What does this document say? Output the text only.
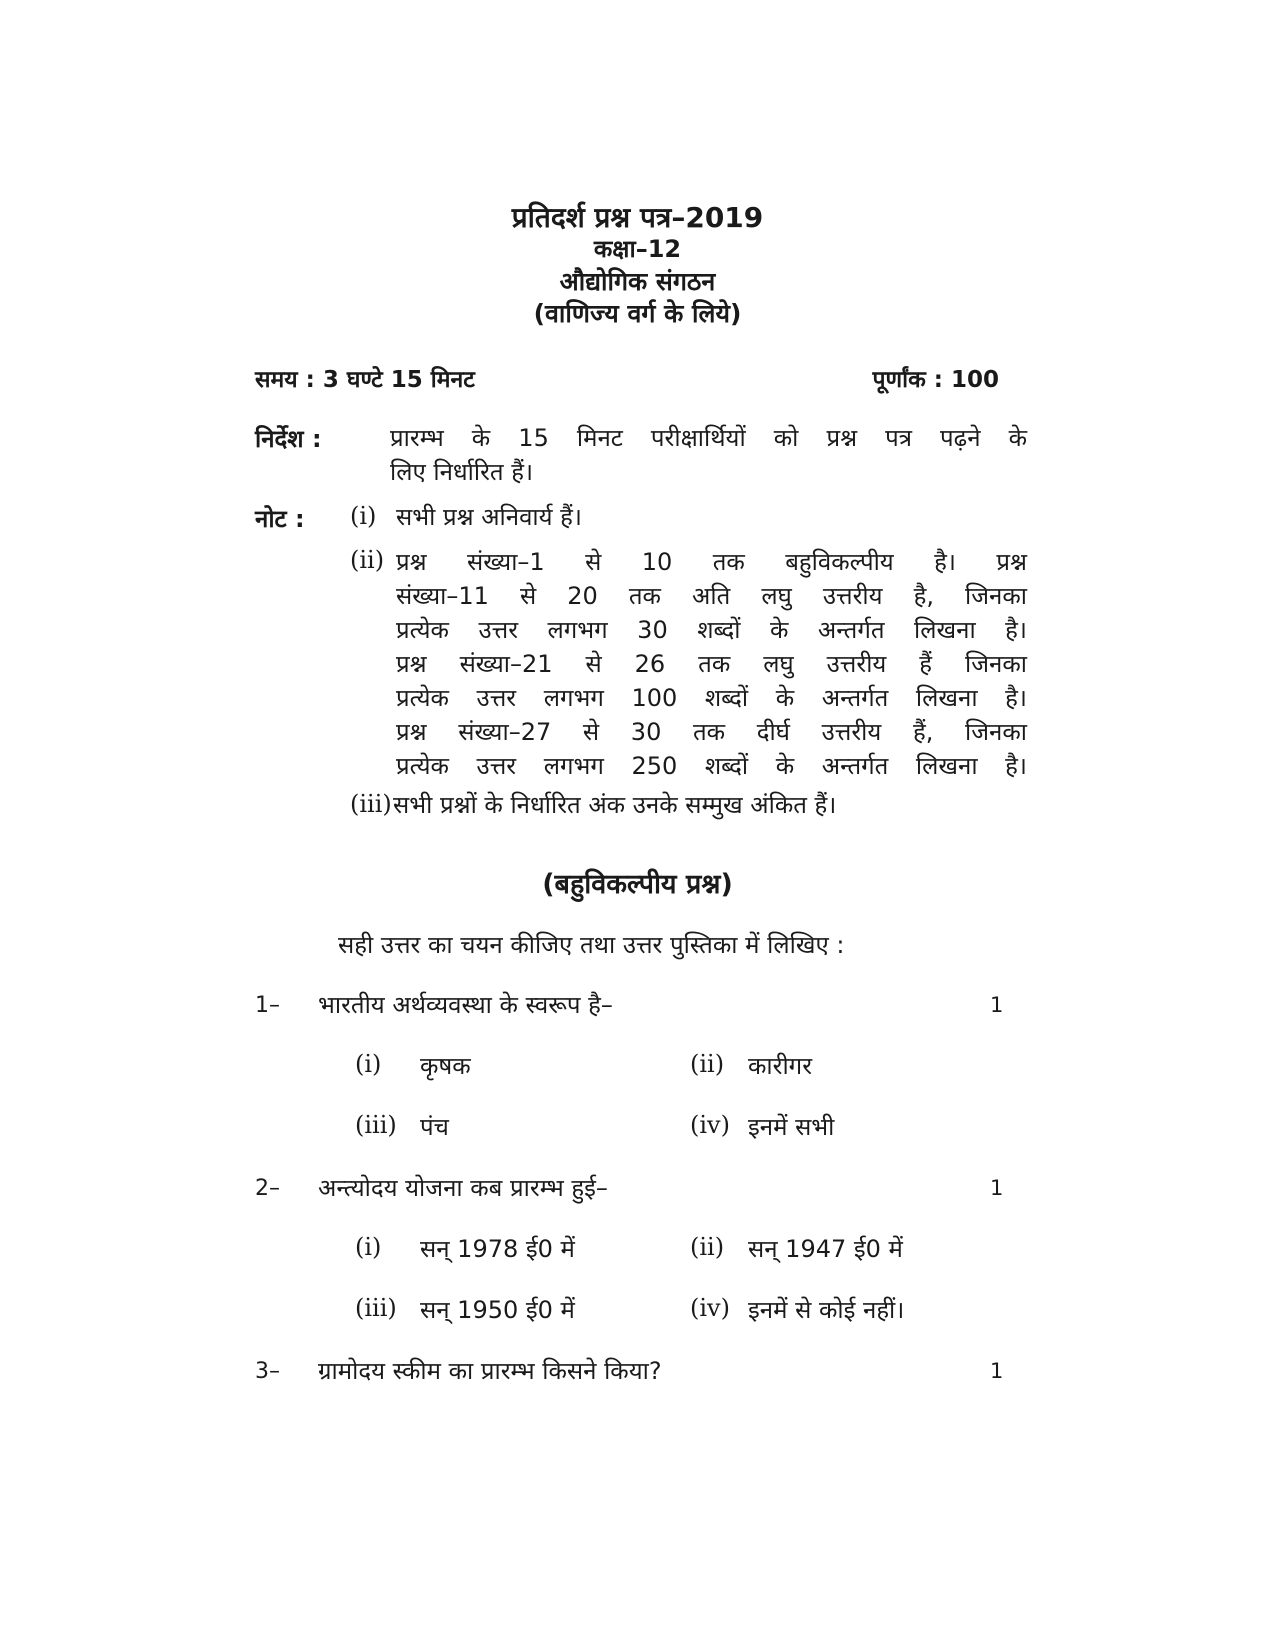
प्रतिदर्श प्रश्न पत्र–2019
कक्षा–12
औद्योगिक संगठन
(वाणिज्य वर्ग के लिये)
समय : 3 घण्टे 15 मिनट	पूर्णांक : 100
निर्देश :	प्रारम्भ के 15 मिनट परीक्षार्थियों को प्रश्न पत्र पढ़ने के
लिए निर्धारित हैं।
नोट : (i) सभी प्रश्न अनिवार्य हैं।
(ii) प्रश्न संख्या–1 से 10 तक बहुविकल्पीय है। प्रश्न
संख्या–11 से 20 तक अति लघु उत्तरीय है, जिनका
प्रत्येक उत्तर लगभग 30 शब्दों के अन्तर्गत लिखना है।
प्रश्न संख्या–21 से 26 तक लघु उत्तरीय हैं जिनका
प्रत्येक उत्तर लगभग 100 शब्दों के अन्तर्गत लिखना है।
प्रश्न संख्या–27 से 30 तक दीर्घ उत्तरीय हैं, जिनका
प्रत्येक उत्तर लगभग 250 शब्दों के अन्तर्गत लिखना है।
(iii) सभी प्रश्नों के निर्धारित अंक उनके सम्मुख अंकित हैं।
(बहुविकल्पीय प्रश्न)
सही उत्तर का चयन कीजिए तथा उत्तर पुस्तिका में लिखिए :
1– भारतीय अर्थव्यवस्था के स्वरूप है–	1
(i) कृषक	(ii) कारीगर
(iii) पंच	(iv) इनमें सभी
2– अन्त्योदय योजना कब प्रारम्भ हुई–	1
(i) सन् 1978 ई0 में	(ii) सन् 1947 ई0 में
(iii) सन् 1950 ई0 में	(iv) इनमें से कोई नहीं।
3– ग्रामोदय स्कीम का प्रारम्भ किसने किया?	1
